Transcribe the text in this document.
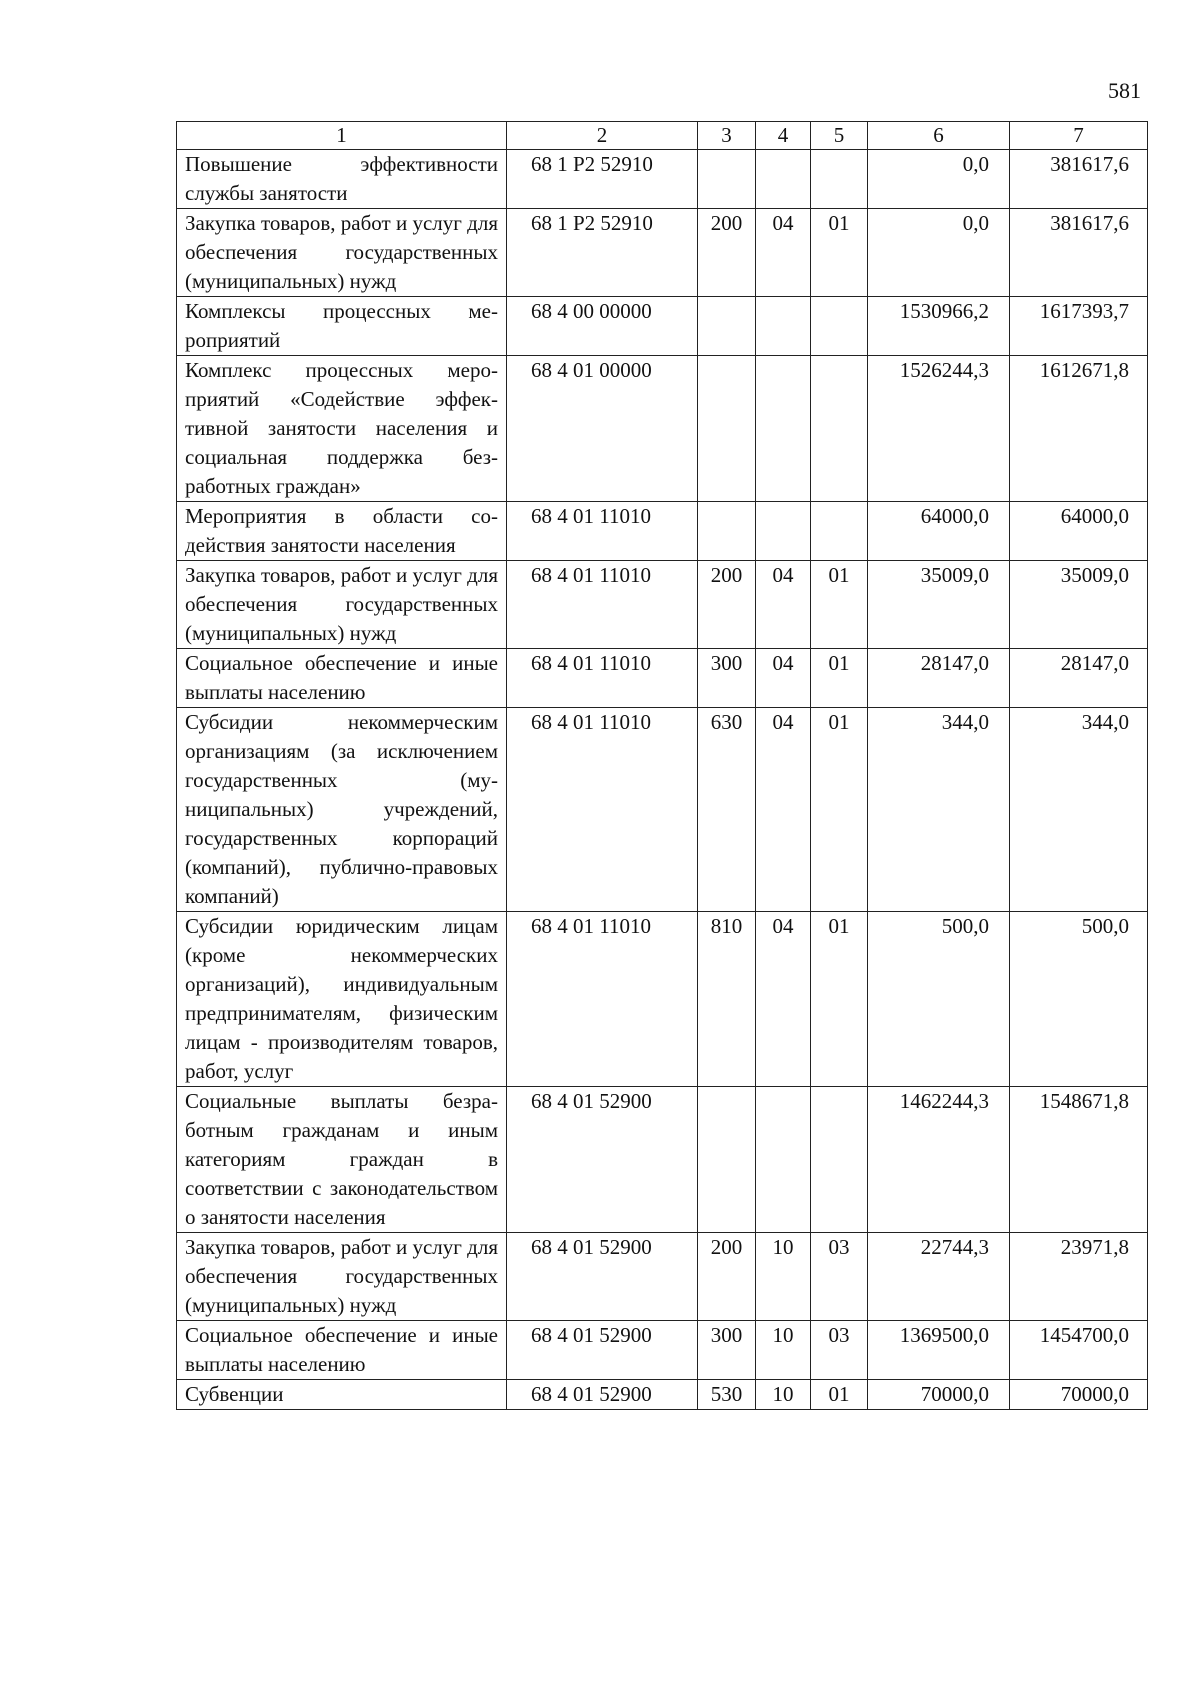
581
1	2	3	4	5	6	7
Повышение эффективности службы занятости	68 1 Р2 52910				0,0	381617,6
Закупка товаров, работ и услуг для обеспечения государственных (муниципальных) нужд	68 1 Р2 52910	200	04	01	0,0	381617,6
Комплексы процессных мероприятий	68 4 00 00000				1530966,2	1617393,7
Комплекс процессных мероприятий «Содействие эффективной занятости населения и социальная поддержка безработных граждан»	68 4 01 00000				1526244,3	1612671,8
Мероприятия в области содействия занятости населения	68 4 01 11010				64000,0	64000,0
Закупка товаров, работ и услуг для обеспечения государственных (муниципальных) нужд	68 4 01 11010	200	04	01	35009,0	35009,0
Социальное обеспечение и иные выплаты населению	68 4 01 11010	300	04	01	28147,0	28147,0
Субсидии некоммерческим организациям (за исключением государственных (муниципальных) учреждений, государственных корпораций (компаний), публично-правовых компаний)	68 4 01 11010	630	04	01	344,0	344,0
Субсидии юридическим лицам (кроме некоммерческих организаций), индивидуальным предпринимателям, физическим лицам - производителям товаров, работ, услуг	68 4 01 11010	810	04	01	500,0	500,0
Социальные выплаты безработным гражданам и иным категориям граждан в соответствии с законодательством о занятости населения	68 4 01 52900				1462244,3	1548671,8
Закупка товаров, работ и услуг для обеспечения государственных (муниципальных) нужд	68 4 01 52900	200	10	03	22744,3	23971,8
Социальное обеспечение и иные выплаты населению	68 4 01 52900	300	10	03	1369500,0	1454700,0
Субвенции	68 4 01 52900	530	10	01	70000,0	70000,0
